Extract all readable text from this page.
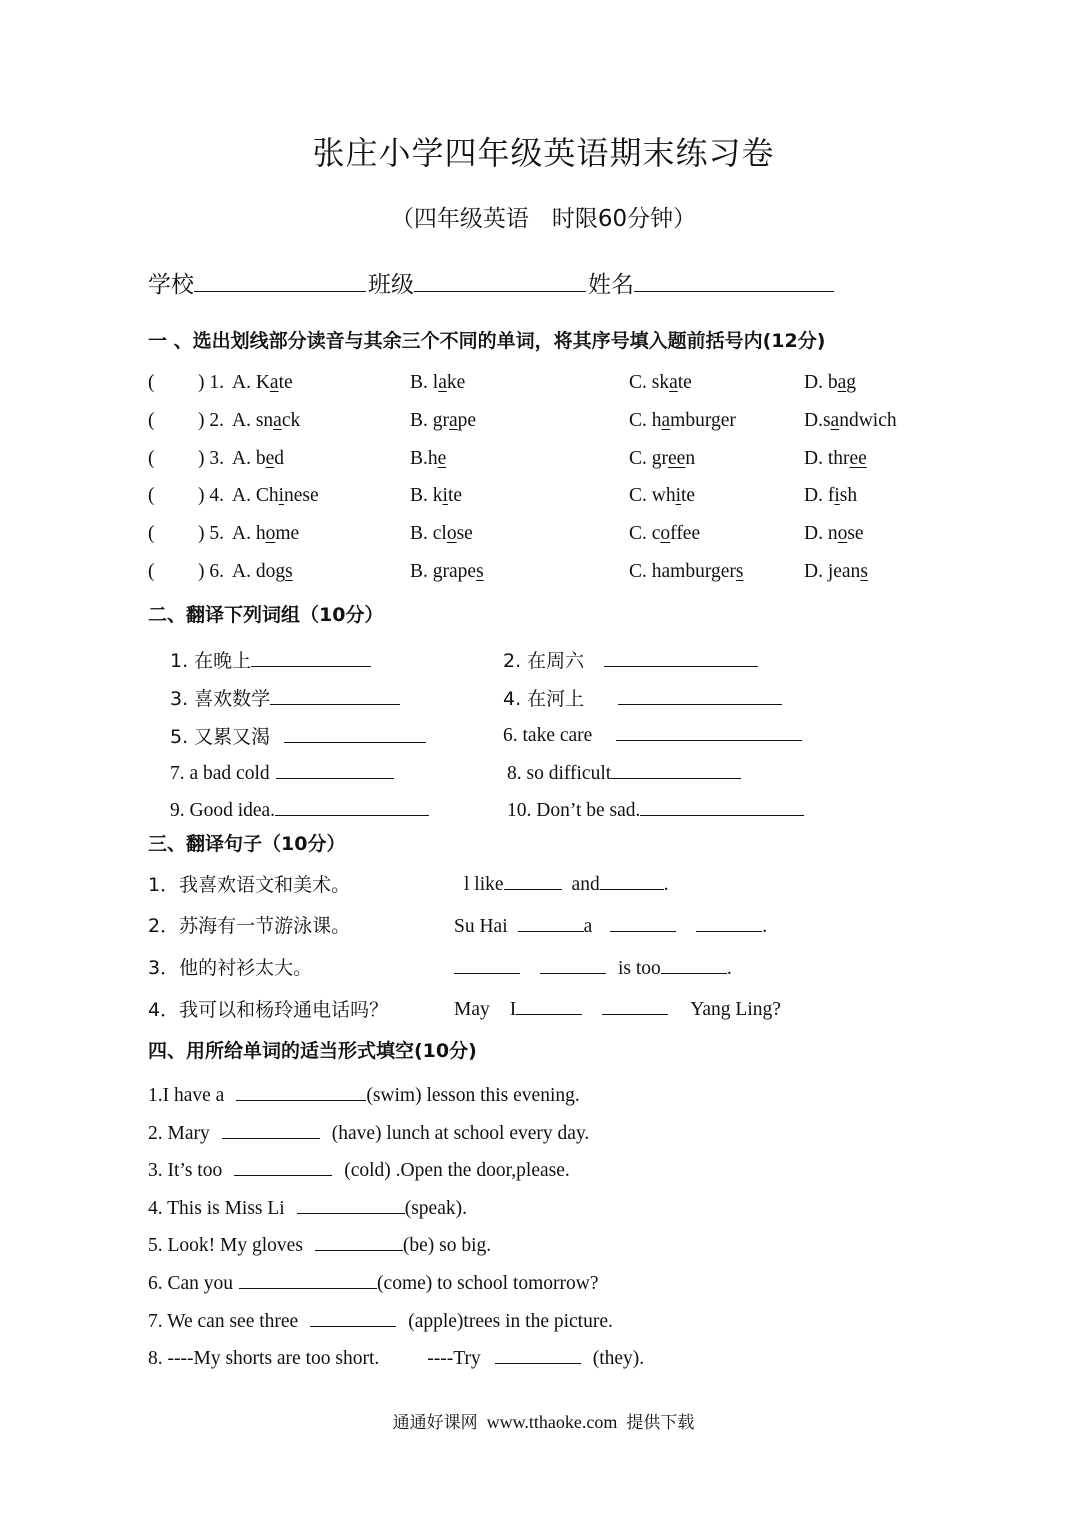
张庄小学四年级英语期末练习卷
（四年级英语　时限60分钟）
学校	班级	姓名
一 、选出划线部分读音与其余三个不同的单词，将其序号填入题前括号内(12分)
( ) 1. A. Kate	B. lake	C. skate	D. bag
( ) 2. A. snack	B. grape	C. hamburger	D.sandwich
( ) 3. A. bed	B.he	C. green	D. three
( ) 4. A. Chinese	B. kite	C. white	D. fish
( ) 5. A. home	B. close	C. coffee	D. nose
( ) 6. A. dogs	B. grapes	C. hamburgers	D. jeans
二、翻译下列词组（10分）
1. 在晚上	2. 在周六
3. 喜欢数学	4. 在河上
5. 又累又渴	6. take care
7. a bad cold	8. so difficult
9. Good idea.	10. Don’t be sad.
三、翻译句子（10分）
1．我喜欢语文和美术。	l like	and	.
2．苏海有一节游泳课。	Su Hai	a	.
3．他的衬衫太大。	is too	.
4．我可以和杨玲通电话吗？	May I	Yang Ling?
四、用所给单词的适当形式填空(10分)
1.I have a	(swim) lesson this evening.
2. Mary	(have) lunch at school every day.
3. It’s too	(cold) .Open the door,please.
4. This is Miss Li	(speak).
5. Look! My gloves	(be) so big.
6. Can you	(come) to school tomorrow?
7. We can see three	(apple)trees in the picture.
8. ----My shorts are too short. ----Try	(they).
通通好课网 www.tthaoke.com 提供下载
